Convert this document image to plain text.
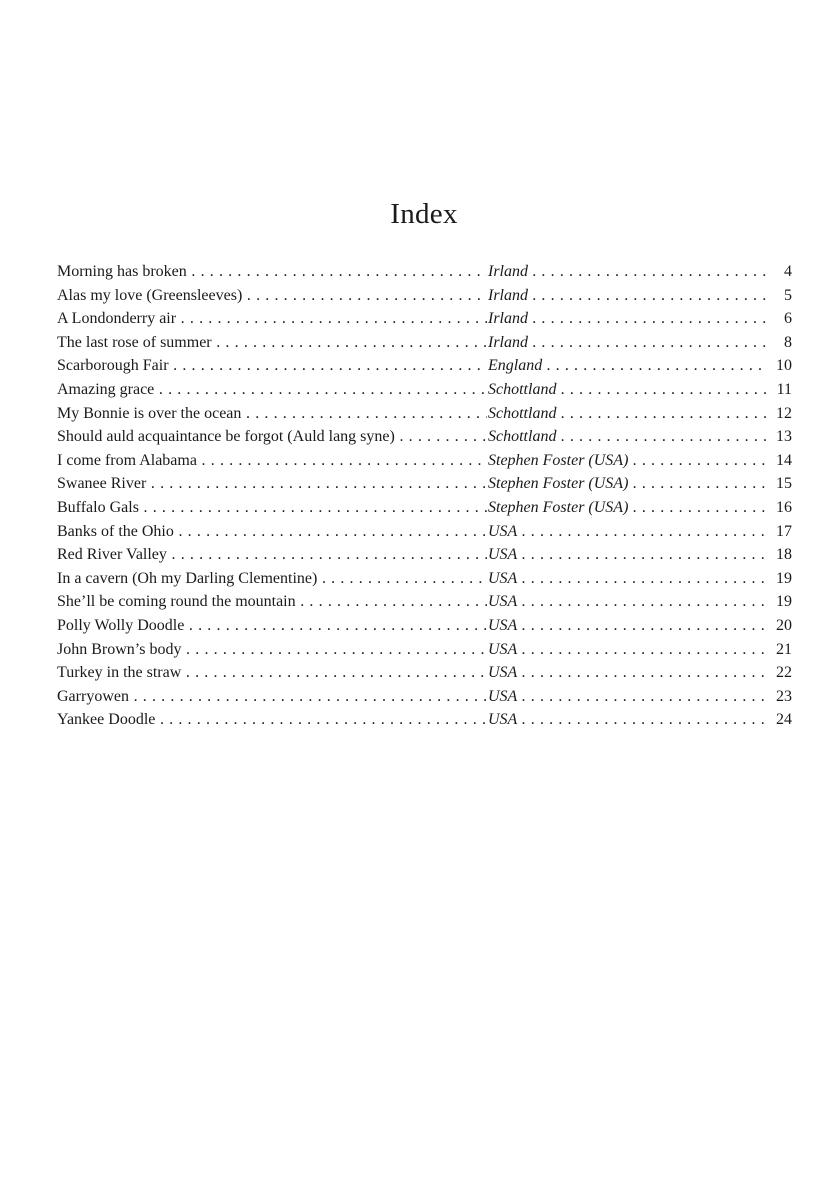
Index
Morning has broken . . .	Irland . . .	4
Alas my love (Greensleeves) . . .	Irland . . .	5
A Londonderry air . . .	Irland . . .	6
The last rose of summer . . .	Irland . . .	8
Scarborough Fair . . .	England . . .	10
Amazing grace . . .	Schottland . . .	11
My Bonnie is over the ocean . . .	Schottland . . .	12
Should auld acquaintance be forgot (Auld lang syne) . . .	Schottland . . .	13
I come from Alabama . . .	Stephen Foster (USA) . . .	14
Swanee River . . .	Stephen Foster (USA) . . .	15
Buffalo Gals . . .	Stephen Foster (USA) . . .	16
Banks of the Ohio . . .	USA . . .	17
Red River Valley . . .	USA . . .	18
In a cavern (Oh my Darling Clementine) . . .	USA . . .	19
She’ll be coming round the mountain . . .	USA . . .	19
Polly Wolly Doodle . . .	USA . . .	20
John Brown’s body . . .	USA . . .	21
Turkey in the straw . . .	USA . . .	22
Garryowen . . .	USA . . .	23
Yankee Doodle . . .	USA . . .	24
